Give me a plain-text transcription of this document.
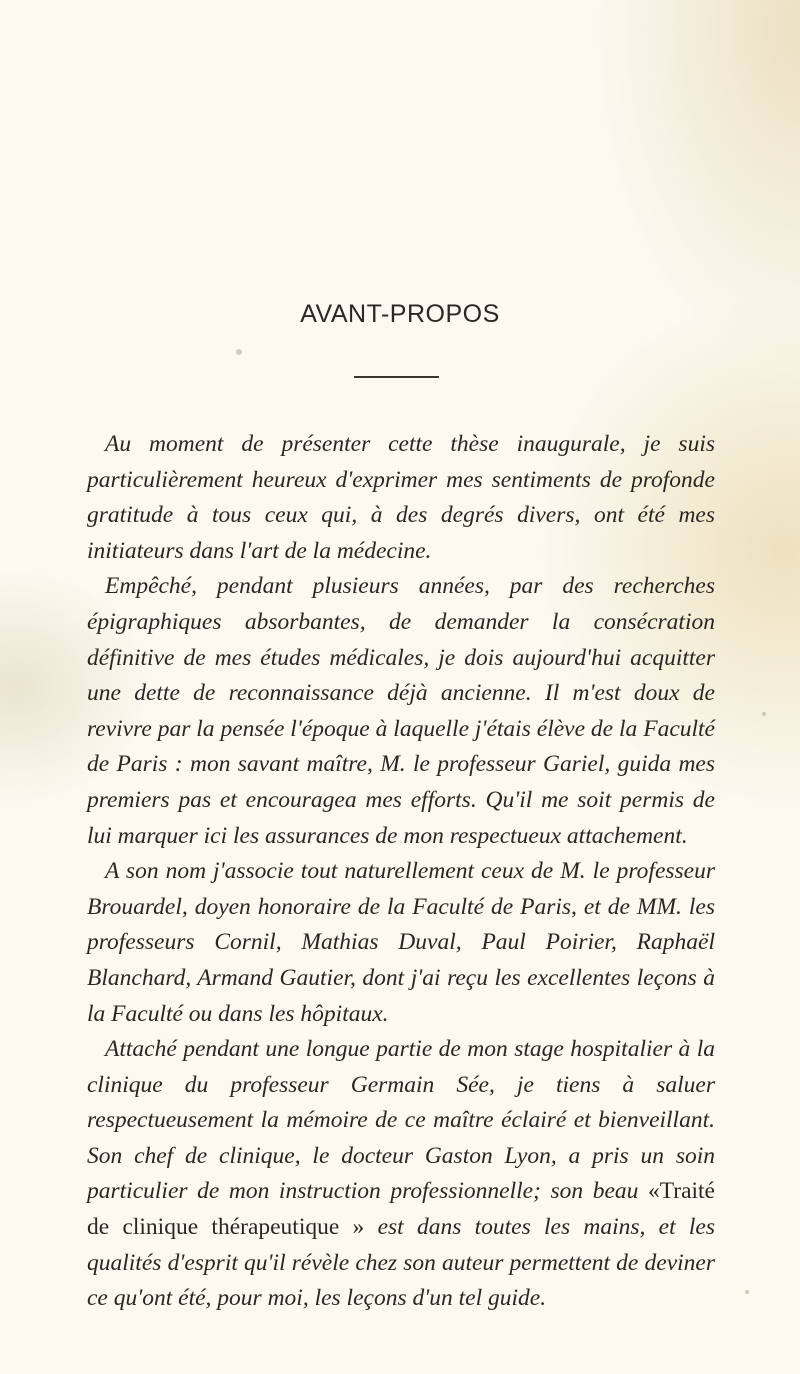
AVANT-PROPOS

Au moment de présenter cette thèse inaugurale, je suis particulièrement heureux d'exprimer mes sentiments de profonde gratitude à tous ceux qui, à des degrés divers, ont été mes initiateurs dans l'art de la médecine.

Empêché, pendant plusieurs années, par des recherches épigraphiques absorbantes, de demander la consécration définitive de mes études médicales, je dois aujourd'hui acquitter une dette de reconnaissance déjà ancienne. Il m'est doux de revivre par la pensée l'époque à laquelle j'étais élève de la Faculté de Paris : mon savant maître, M. le professeur Gariel, guida mes premiers pas et encouragea mes efforts. Qu'il me soit permis de lui marquer ici les assurances de mon respectueux attachement.

A son nom j'associe tout naturellement ceux de M. le professeur Brouardel, doyen honoraire de la Faculté de Paris, et de MM. les professeurs Cornil, Mathias Duval, Paul Poirier, Raphaël Blanchard, Armand Gautier, dont j'ai reçu les excellentes leçons à la Faculté ou dans les hôpitaux.

Attaché pendant une longue partie de mon stage hospitalier à la clinique du professeur Germain Sée, je tiens à saluer respectueusement la mémoire de ce maître éclairé et bienveillant. Son chef de clinique, le docteur Gaston Lyon, a pris un soin particulier de mon instruction professionnelle; son beau «Traité de clinique thérapeutique » est dans toutes les mains, et les qualités d'esprit qu'il révèle chez son auteur permettent de deviner ce qu'ont été, pour moi, les leçons d'un tel guide.
